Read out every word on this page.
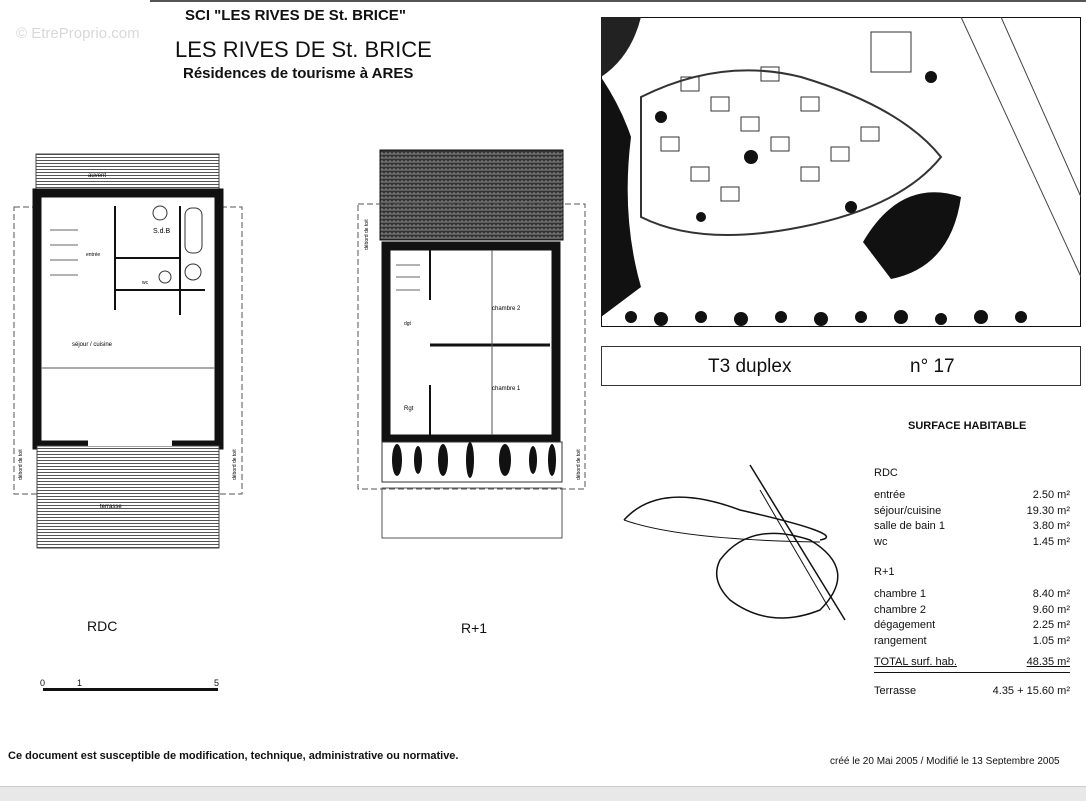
© EtreProprio.com
SCI "LES RIVES DE St. BRICE"
LES RIVES DE St. BRICE
Résidences de tourisme à ARES
auvent
S.d.B
entrée
wc
séjour / cuisine
terrasse
débord de toit	débord de toit
RDC
chambre 2
chambre 1
dgt
Rgt
débord de toit
débord de toit
R+1
0	1	5
T3 duplex	n° 17
SURFACE HABITABLE
RDC
entrée	2.50 m²
séjour/cuisine	19.30 m²
salle de bain 1	3.80 m²
wc	1.45 m²
R+1
chambre 1	8.40 m²
chambre 2	9.60 m²
dégagement	2.25 m²
rangement	1.05 m²
TOTAL surf. hab.	48.35 m²
Terrasse	4.35 + 15.60 m²
Ce document est susceptible de modification, technique, administrative ou normative.	créé le 20 Mai 2005 / Modifié le 13 Septembre 2005
